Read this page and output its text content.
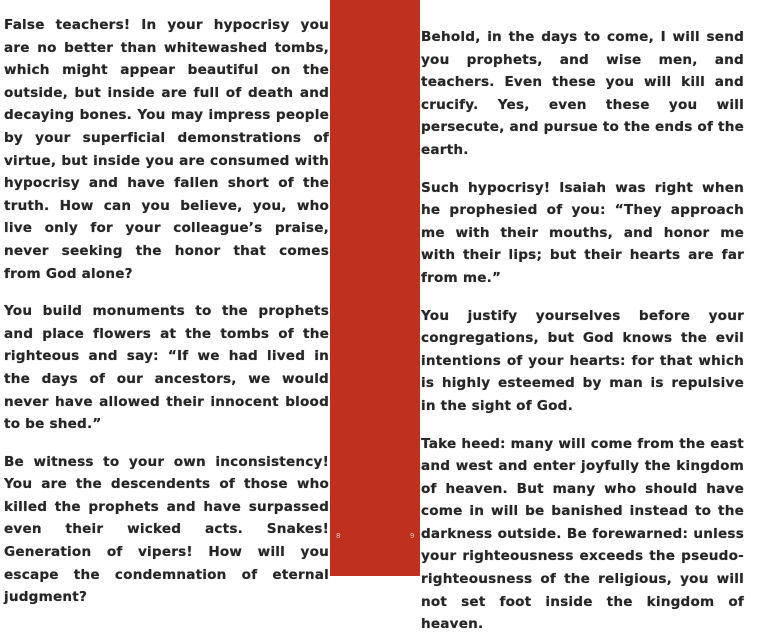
False teachers! In your hypocrisy you are no better than whitewashed tombs, which might appear beautiful on the outside, but inside are full of death and decaying bones. You may impress people by your superficial demonstrations of virtue, but inside you are consumed with hypocrisy and have fallen short of the truth. How can you believe, you, who live only for your colleague’s praise, never seeking the honor that comes from God alone?

You build monuments to the prophets and place flowers at the tombs of the righteous and say: “If we had lived in the days of our ancestors, we would never have allowed their innocent blood to be shed.”

Be witness to your own inconsistency! You are the descendents of those who killed the prophets and have surpassed even their wicked acts. Snakes! Generation of vipers! How will you escape the condemnation of eternal judgment?

8	9

Behold, in the days to come, I will send you prophets, and wise men, and teachers. Even these you will kill and crucify. Yes, even these you will persecute, and pursue to the ends of the earth.

Such hypocrisy! Isaiah was right when he prophesied of you: “They approach me with their mouths, and honor me with their lips; but their hearts are far from me.”

You justify yourselves before your congregations, but God knows the evil intentions of your hearts: for that which is highly esteemed by man is repulsive in the sight of God.

Take heed: many will come from the east and west and enter joyfully the kingdom of heaven. But many who should have come in will be banished instead to the darkness outside. Be forewarned: unless your righteousness exceeds the pseudo-righteousness of the religious, you will not set foot inside the kingdom of heaven.
